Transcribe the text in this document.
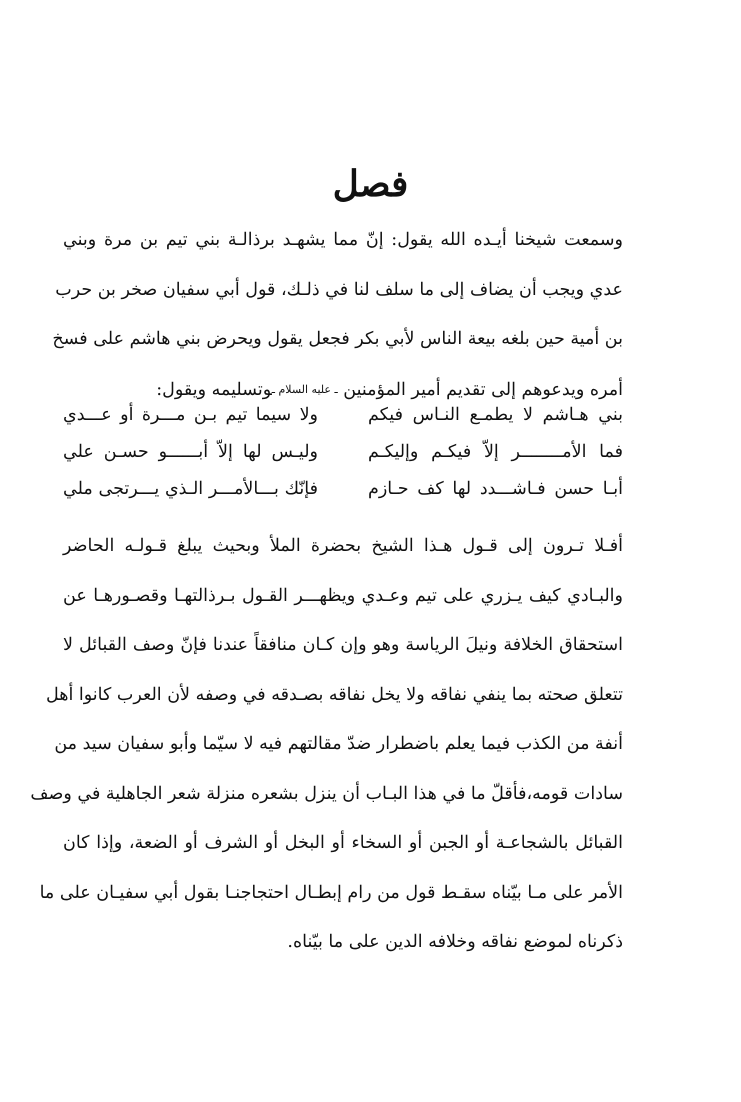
فصل
وسمعت شيخنا أيـده الله يقول: إنّ مما يشهـد برذالـة بني تيم بن مرة وبني
عدي ويجب أن يضاف إلى ما سلف لنا في ذلـك، قول أبي سفيان صخر بن حرب
بن أمية حين بلغه بيعة الناس لأبي بكر فجعل يقول ويحرض بني هاشم على فسخ
أمره ويدعوهم إلى تقديم أمير المؤمنين ـ عليه السلام ـوتسليمه ويقول:
بني هـاشم لا يطمـع النـاس فيكم
ولا سيما تيم بـن مـــرة أو عـــدي
فما الأمــــــــر إلاّ فيكـم وإليكـم
وليـس لها إلاّ أبــــــو حسـن علي
أبـا حسن فـاشـــدد لها كف حـازم
فإنّك بـــالأمـــر الـذي يـــرتجى ملي
أفـلا تـرون إلى قـول هـذا الشيخ بحضرة الملأ وبحيث يبلغ قـولـه الحاضر
والبـادي كيف يـزري على تيم وعـدي ويظهـــر القـول بـرذالتهـا وقصـورهـا عن
استحقاق الخلافة ونيلَ الرياسة وهو وإن كـان منافقاً عندنا فإنّ وصف القبائل لا
تتعلق صحته بما ينفي نفاقه ولا يخل نفاقه بصـدقه في وصفه لأن العرب كانوا أهل
أنفة من الكذب فيما يعلم باضطرار ضدّ مقالتهم فيه لا سيّما وأبو سفيان سيد من
سادات قومه،فأقلّ ما في هذا البـاب أن ينزل بشعره منزلة شعر الجاهلية في وصف
القبائل بالشجاعـة أو الجبن أو السخاء أو البخل أو الشرف أو الضعة، وإذا كان
الأمر على مـا بيّناه سقـط قول من رام إبطـال احتجاجنـا بقول أبي سفيـان على ما
ذكرناه لموضع نفاقه وخلافه الدين على ما بيّناه.
